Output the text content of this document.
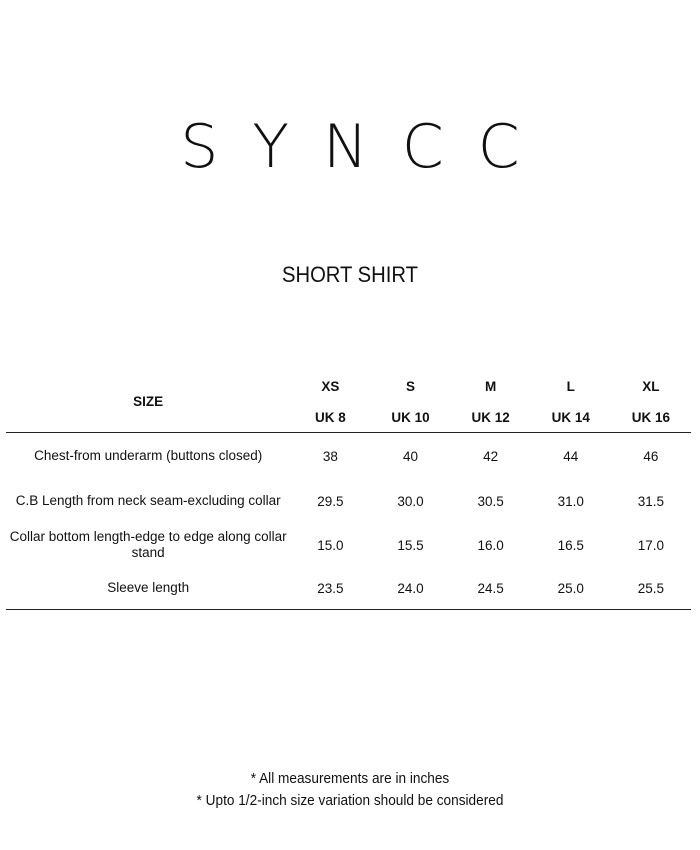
SYNCC
SHORT SHIRT
SIZE	XS	S	M	L	XL
	UK 8	UK 10	UK 12	UK 14	UK 16
Chest-from underarm (buttons closed)	38	40	42	44	46
C.B Length from neck seam-excluding collar	29.5	30.0	30.5	31.0	31.5
Collar bottom length-edge to edge along collar stand	15.0	15.5	16.0	16.5	17.0
Sleeve length	23.5	24.0	24.5	25.0	25.5
* All measurements are in inches
* Upto 1/2-inch size variation should be considered
